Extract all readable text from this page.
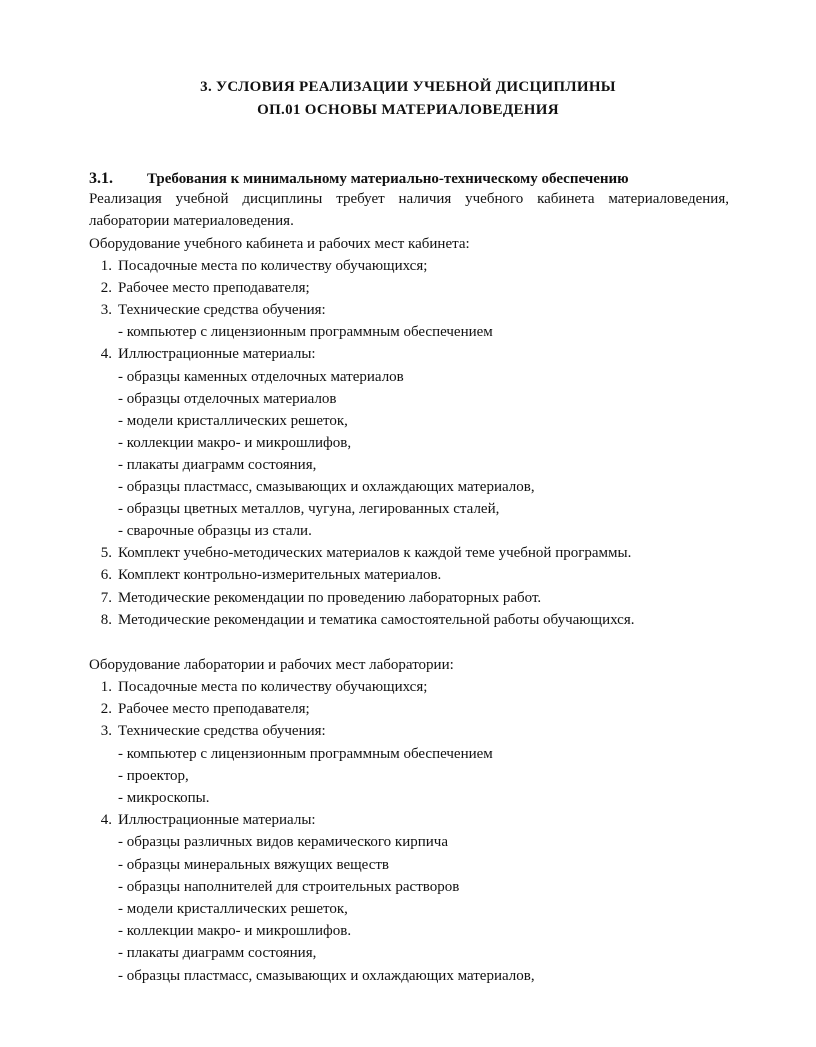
3. УСЛОВИЯ РЕАЛИЗАЦИИ УЧЕБНОЙ ДИСЦИПЛИНЫ
ОП.01 ОСНОВЫ МАТЕРИАЛОВЕДЕНИЯ
3.1. Требования к минимальному материально-техническому обеспечению
Реализация учебной дисциплины требует наличия учебного кабинета материаловедения, лаборатории материаловедения.
Оборудование учебного кабинета и рабочих мест кабинета:
1. Посадочные места по количеству обучающихся;
2. Рабочее место преподавателя;
3. Технические средства обучения:
- компьютер с лицензионным программным обеспечением
4. Иллюстрационные материалы:
- образцы каменных отделочных материалов
- образцы отделочных материалов
- модели кристаллических решеток,
- коллекции макро- и микрошлифов,
- плакаты диаграмм состояния,
- образцы пластмасс, смазывающих и охлаждающих материалов,
- образцы цветных металлов, чугуна, легированных сталей,
- сварочные образцы из стали.
5. Комплект учебно-методических материалов к каждой теме учебной программы.
6. Комплект контрольно-измерительных материалов.
7. Методические рекомендации по проведению лабораторных работ.
8. Методические рекомендации и тематика самостоятельной работы обучающихся.
Оборудование лаборатории и рабочих мест лаборатории:
1. Посадочные места по количеству обучающихся;
2. Рабочее место преподавателя;
3. Технические средства обучения:
- компьютер с лицензионным программным обеспечением
- проектор,
- микроскопы.
4. Иллюстрационные материалы:
- образцы различных видов керамического кирпича
- образцы минеральных вяжущих веществ
- образцы наполнителей для строительных растворов
- модели кристаллических решеток,
- коллекции макро- и микрошлифов.
- плакаты диаграмм состояния,
- образцы пластмасс, смазывающих и охлаждающих материалов,
